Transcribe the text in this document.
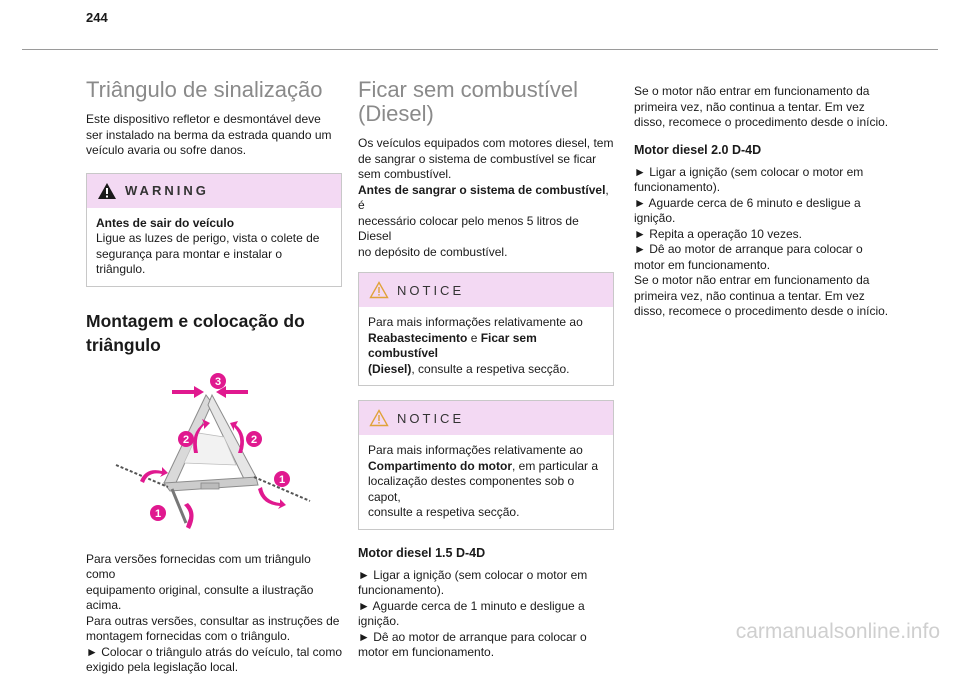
244
Triângulo de sinalização
Este dispositivo refletor e desmontável deve
ser instalado na berma da estrada quando um
veículo avaria ou sofre danos.
WARNING
Antes de sair do veículo
Ligue as luzes de perigo, vista o colete de
segurança para montar e instalar o triângulo.
Montagem e colocação do
triângulo
3
2	2
1
1
Para versões fornecidas com um triângulo como
equipamento original, consulte a ilustração
acima.
Para outras versões, consultar as instruções de
montagem fornecidas com o triângulo.
► Colocar o triângulo atrás do veículo, tal como
exigido pela legislação local.
Ficar sem combustível
(Diesel)
Os veículos equipados com motores diesel, tem
de sangrar o sistema de combustível se ficar
sem combustível.
Antes de sangrar o sistema de combustível, é
necessário colocar pelo menos 5 litros de Diesel
no depósito de combustível.
NOTICE
Para mais informações relativamente ao
Reabastecimento e Ficar sem combustível
(Diesel), consulte a respetiva secção.
NOTICE
Para mais informações relativamente ao
Compartimento do motor, em particular a
localização destes componentes sob o capot,
consulte a respetiva secção.
Motor diesel 1.5 D-4D
► Ligar a ignição (sem colocar o motor em
funcionamento).
► Aguarde cerca de 1 minuto e desligue a
ignição.
► Dê ao motor de arranque para colocar o
motor em funcionamento.
Se o motor não entrar em funcionamento da
primeira vez, não continua a tentar. Em vez
disso, recomece o procedimento desde o início.
Motor diesel 2.0 D-4D
► Ligar a ignição (sem colocar o motor em
funcionamento).
► Aguarde cerca de 6 minuto e desligue a
ignição.
► Repita a operação 10 vezes.
► Dê ao motor de arranque para colocar o
motor em funcionamento.
Se o motor não entrar em funcionamento da
primeira vez, não continua a tentar. Em vez
disso, recomece o procedimento desde o início.
carmanualsonline.info
